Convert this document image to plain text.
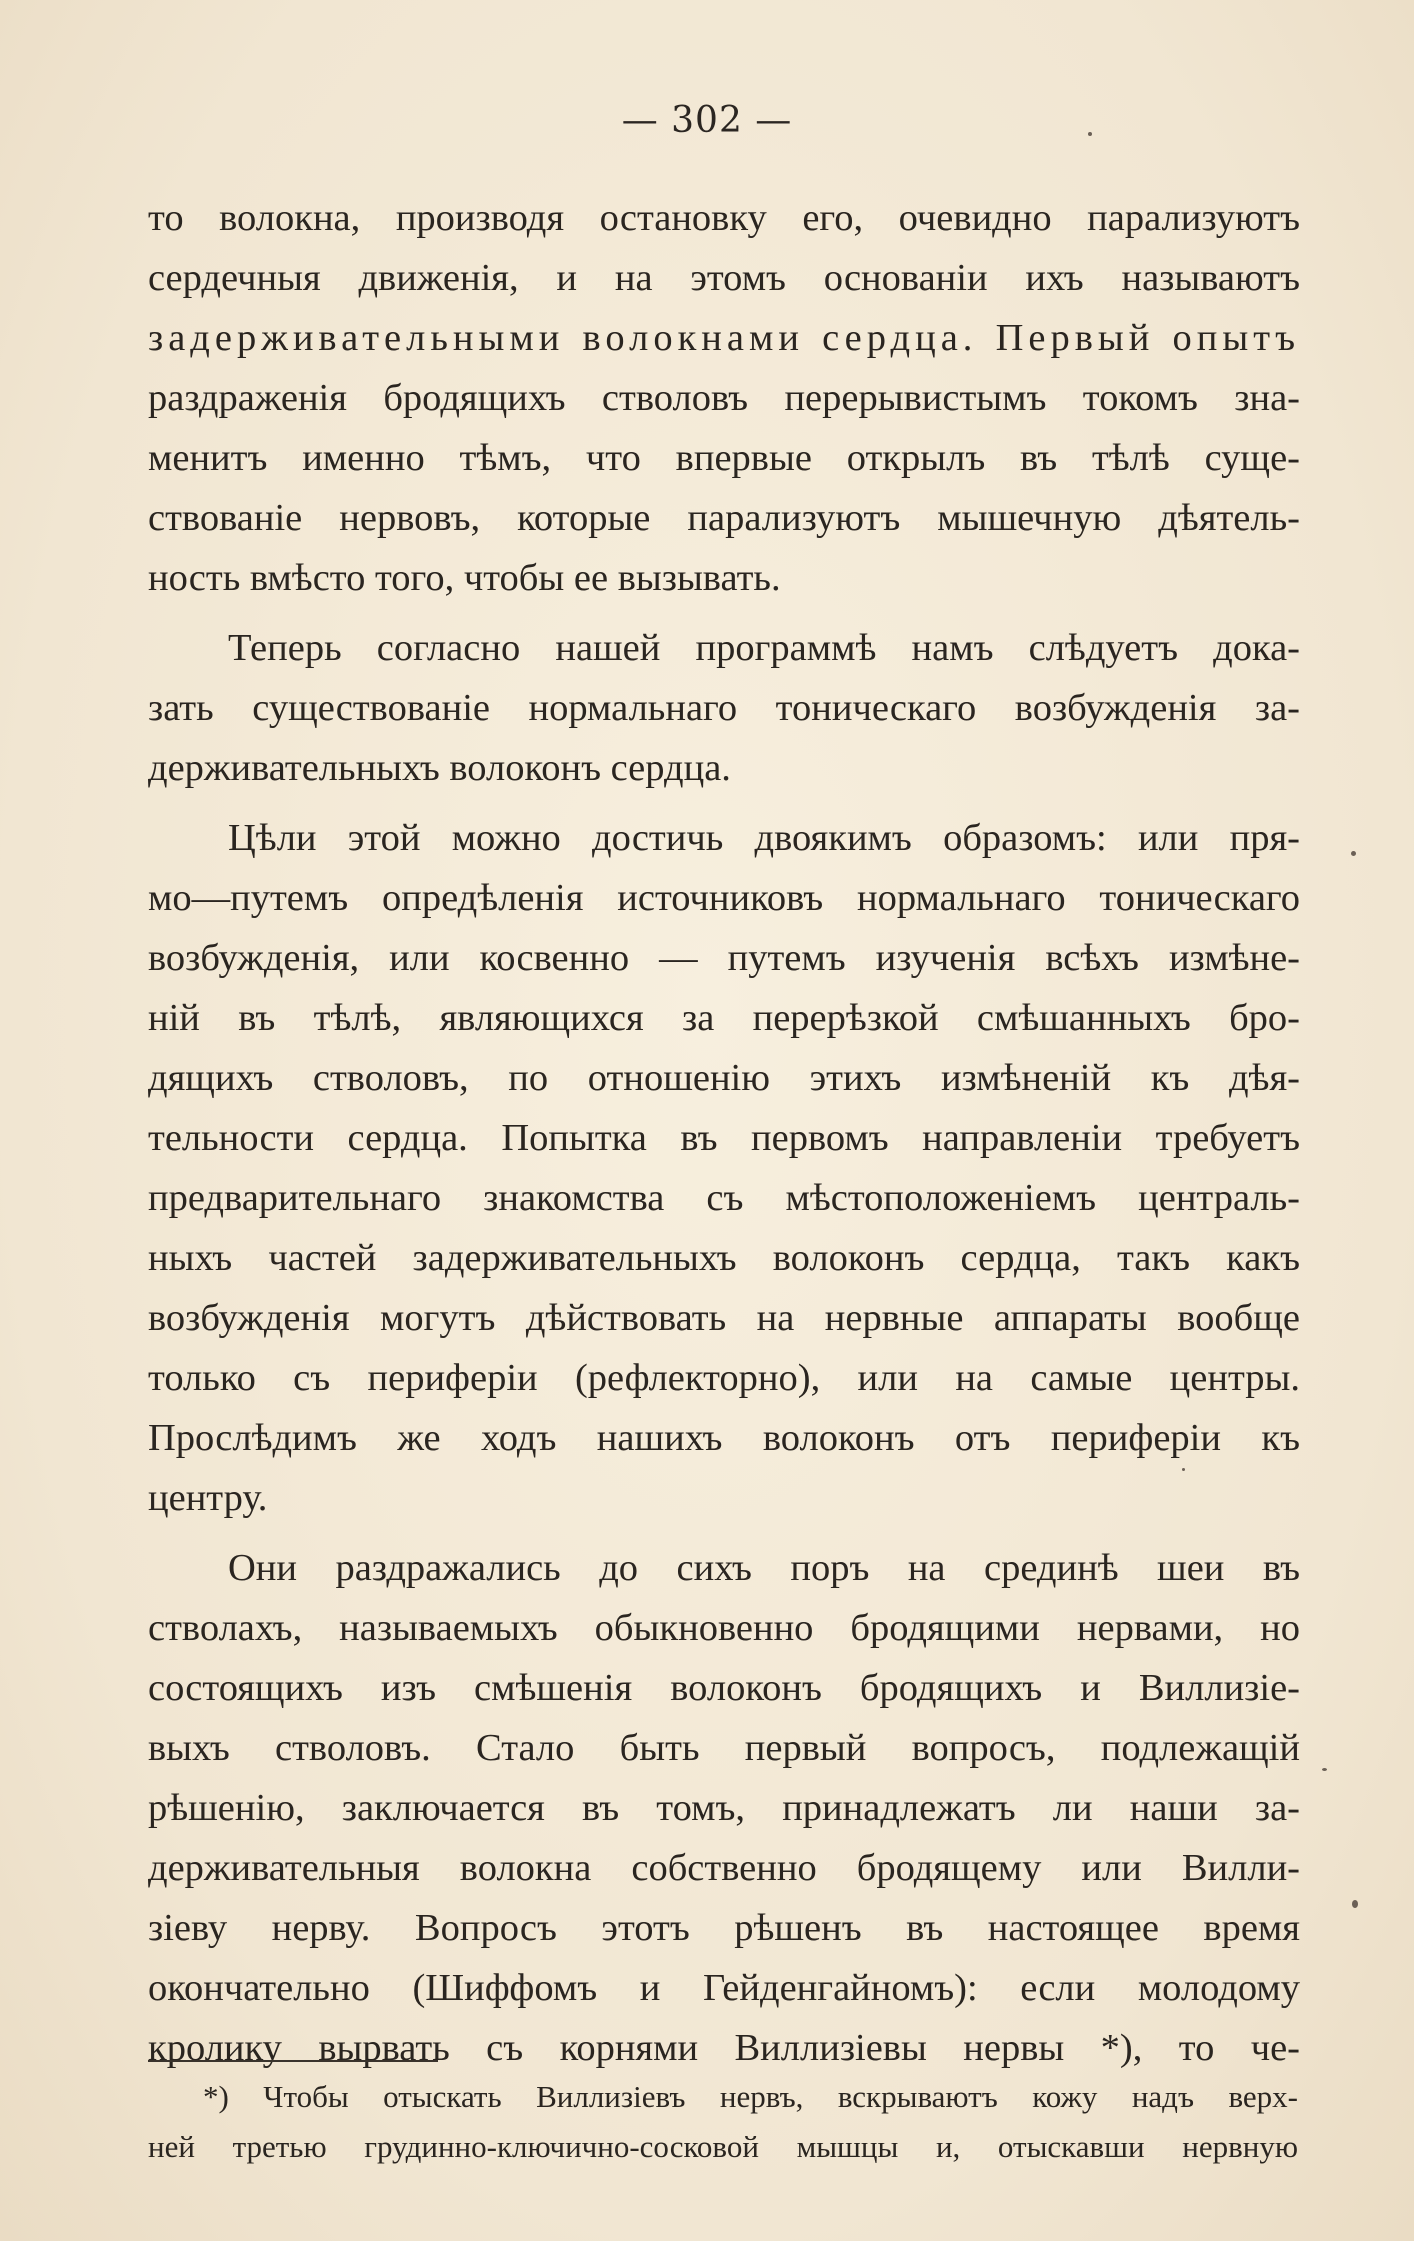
— 302 —
то волокна, производя остановку его, очевидно парализуютъ
сердечныя движенія, и на этомъ основаніи ихъ называютъ
задерживательными волокнами сердца. Первый опытъ
раздраженія бродящихъ стволовъ перерывистымъ токомъ зна-
менитъ именно тѣмъ, что впервые открылъ въ тѣлѣ суще-
ствованіе нервовъ, которые парализуютъ мышечную дѣятель-
ность вмѣсто того, чтобы ее вызывать.
Теперь согласно нашей программѣ намъ слѣдуетъ дока-
зать существованіе нормальнаго тоническаго возбужденія за-
держивательныхъ волоконъ сердца.
Цѣли этой можно достичь двоякимъ образомъ: или пря-
мо—путемъ опредѣленія источниковъ нормальнаго тоническаго
возбужденія, или косвенно — путемъ изученія всѣхъ измѣне-
ній въ тѣлѣ, являющихся за перерѣзкой смѣшанныхъ бро-
дящихъ стволовъ, по отношенію этихъ измѣненій къ дѣя-
тельности сердца. Попытка въ первомъ направленіи требуетъ
предварительнаго знакомства съ мѣстоположеніемъ централь-
ныхъ частей задерживательныхъ волоконъ сердца, такъ какъ
возбужденія могутъ дѣйствовать на нервные аппараты вообще
только съ периферіи (рефлекторно), или на самые центры.
Прослѣдимъ же ходъ нашихъ волоконъ отъ периферіи къ
центру.
Они раздражались до сихъ поръ на срединѣ шеи въ
стволахъ, называемыхъ обыкновенно бродящими нервами, но
состоящихъ изъ смѣшенія волоконъ бродящихъ и Виллизіе-
выхъ стволовъ. Стало быть первый вопросъ, подлежащій
рѣшенію, заключается въ томъ, принадлежатъ ли наши за-
держивательныя волокна собственно бродящему или Вилли-
зіеву нерву. Вопросъ этотъ рѣшенъ въ настоящее время
окончательно (Шиффомъ и Гейденгайномъ): если молодому
кролику вырвать съ корнями Виллизіевы нервы *), то че-
*) Чтобы отыскать Виллизіевъ нервъ, вскрываютъ кожу надъ верх-
ней третью грудинно-ключично-сосковой мышцы и, отыскавши нервную
